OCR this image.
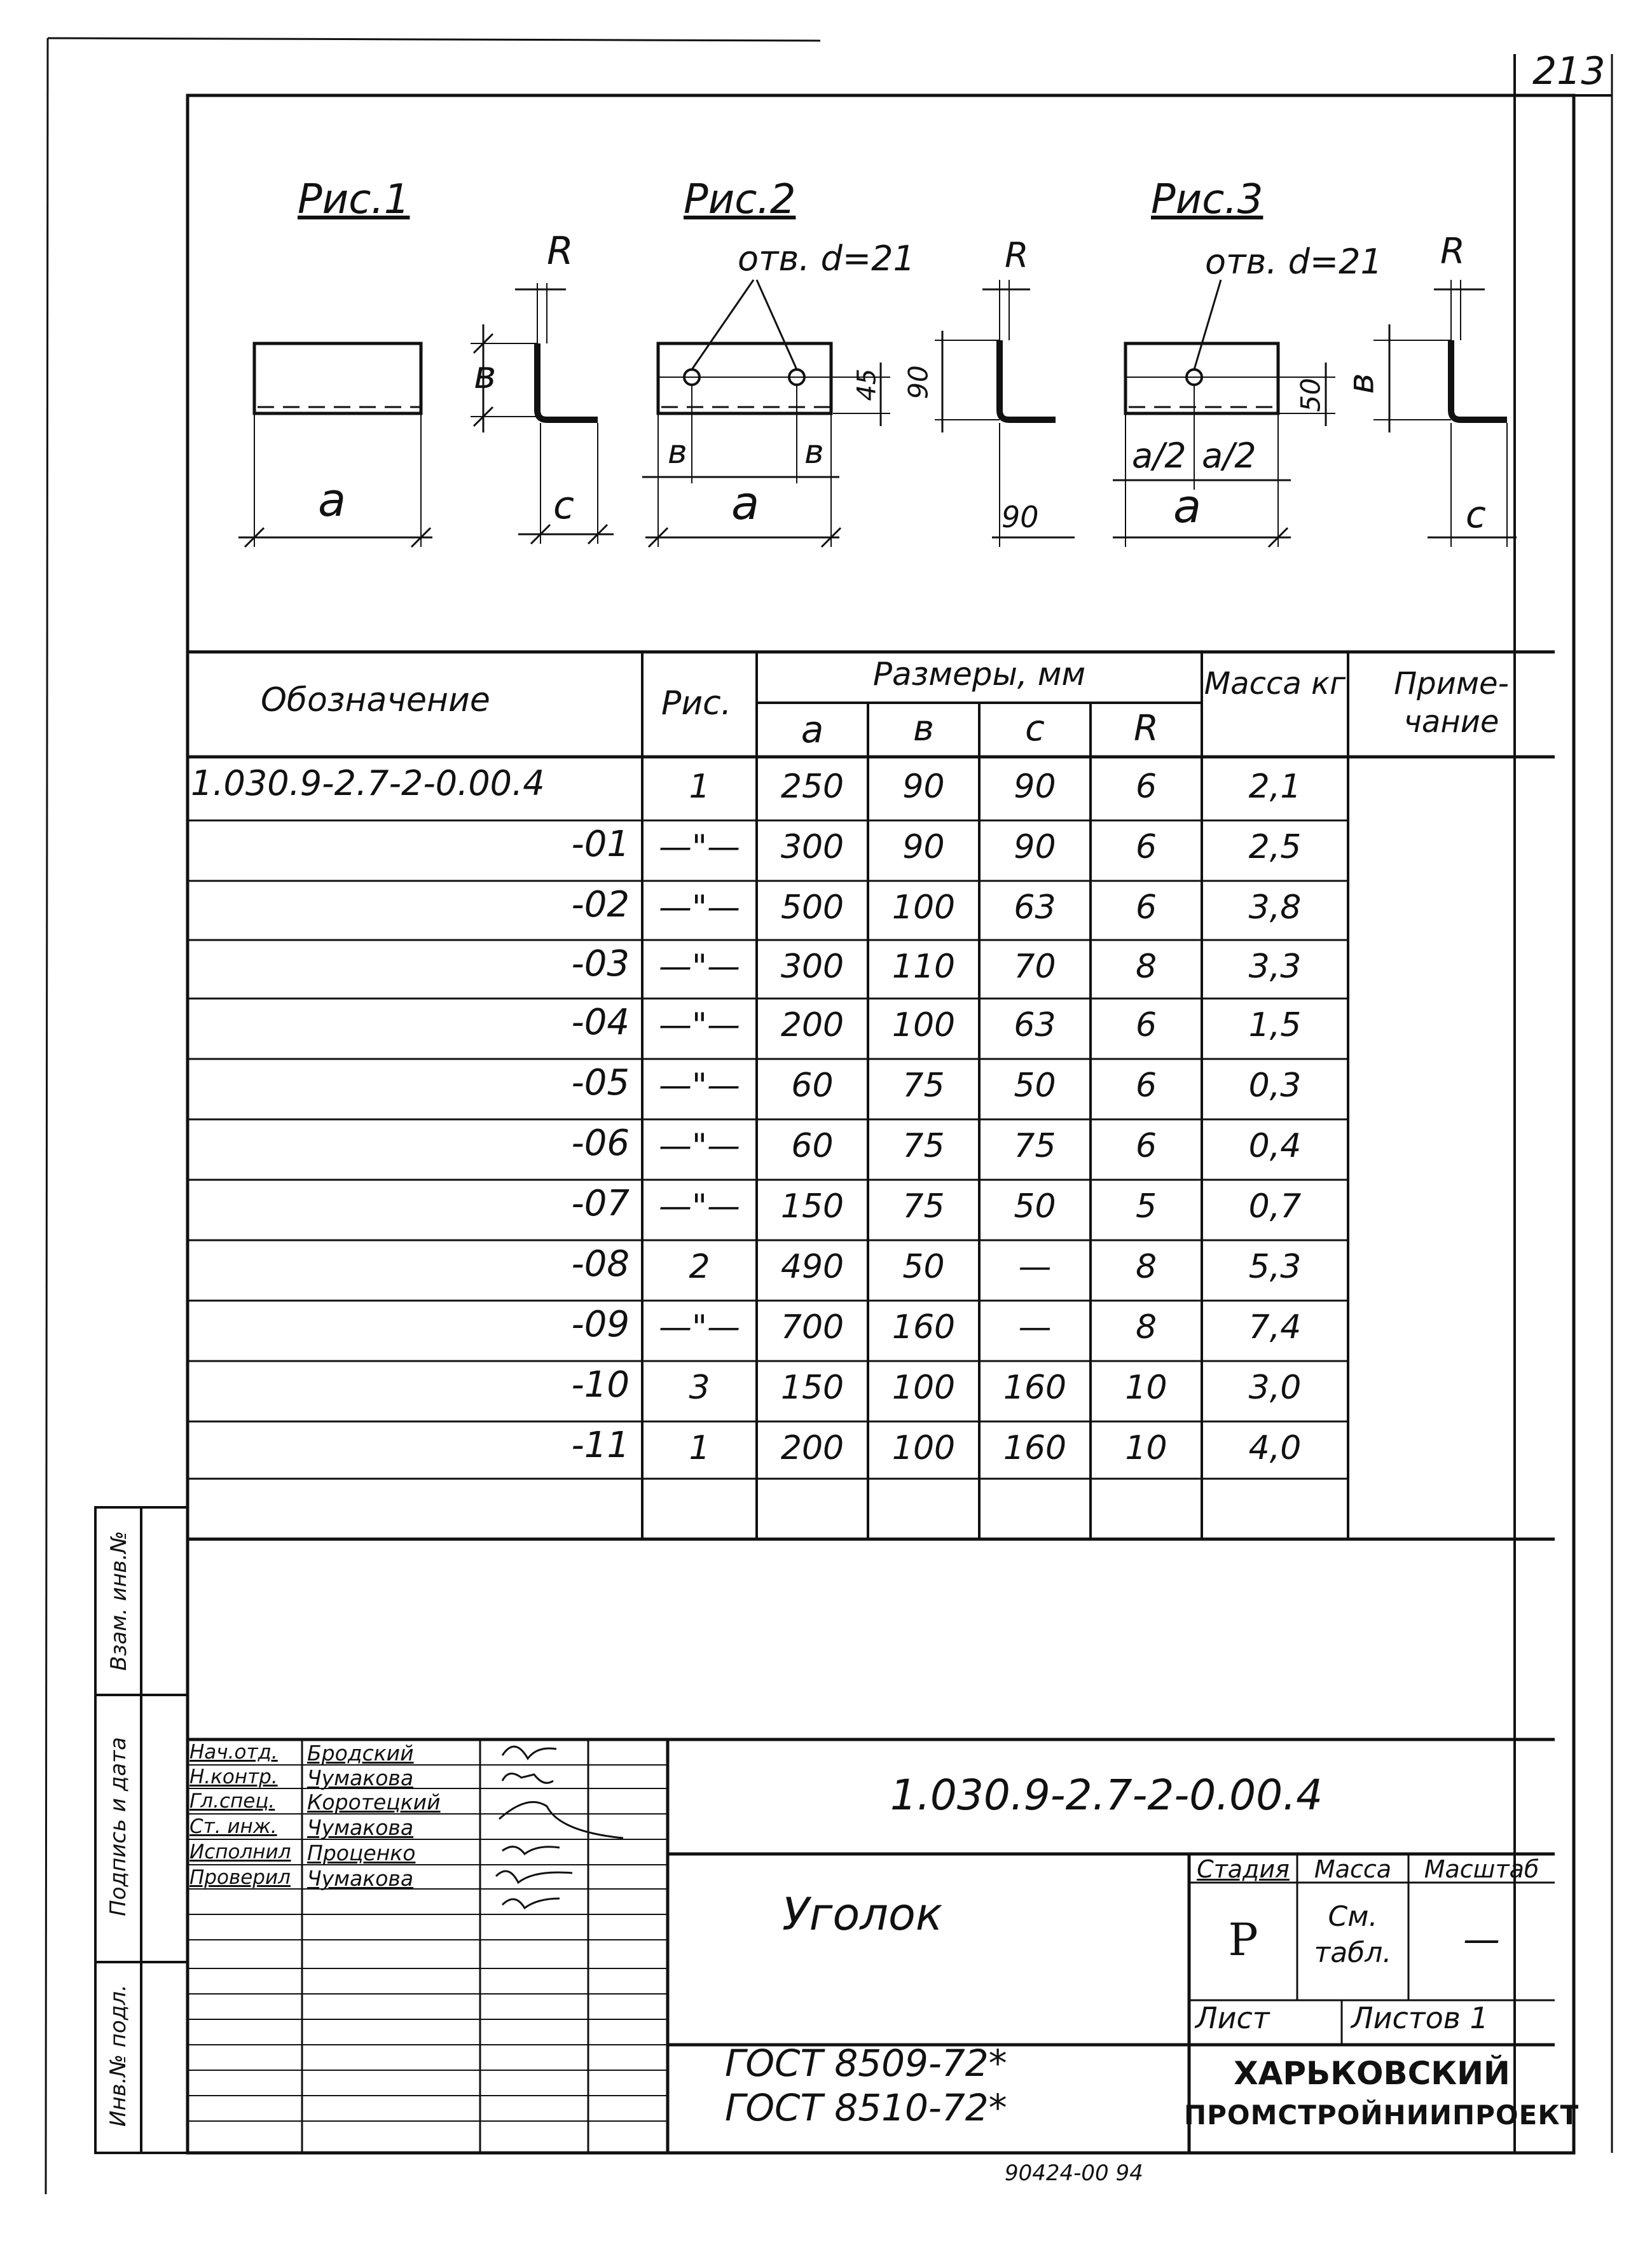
213
Рис.1
a
в
с
R
Рис.2
отв. d=21
a
в	в
45 90
90
R
Рис.3
отв. d=21
a
a/2 a/2
50 в
с
R
Обозначение	Рис.
Размеры, мм
a	в	с	R
Масса кг	Приме- чание
1.030.9-2.7-2-0.00.4	1	250	90	90	6	2,1
-01 —"—	300	90	90	6	2,5
-02 —"—	500	100	63	6	3,8
-03 —"—	300	110	70	8	3,3
-04 —"—	200	100	63	6	1,5
-05 —"—	60	75	50	6	0,3
-06 —"—	60	75	75	6	0,4
-07 —"—	150	75	50	5	0,7
-08	2	490	50	—	8	5,3
-09 —"—	700	160	—	8	7,4
-10	3	150	100	160	10	3,0
-11	1	200	100	160	10	4,0
Взам. инв.№
Подпись и дата
Инв.№ подл.
Нач.отд. Бродский
Н.контр. Чумакова
Гл.спец. Коротецкий
Ст. инж. Чумакова
Исполнил Проценко
Проверил Чумакова
1.030.9-2.7-2-0.00.4
Уголок
Стадия	Масса	Масштаб
Р	См. табл.	—
Лист	Листов 1
ГОСТ 8509-72*
ГОСТ 8510-72*
ХАРЬКОВСКИЙ
ПРОМСТРОЙНИИПРОЕКТ
90424-00 94
